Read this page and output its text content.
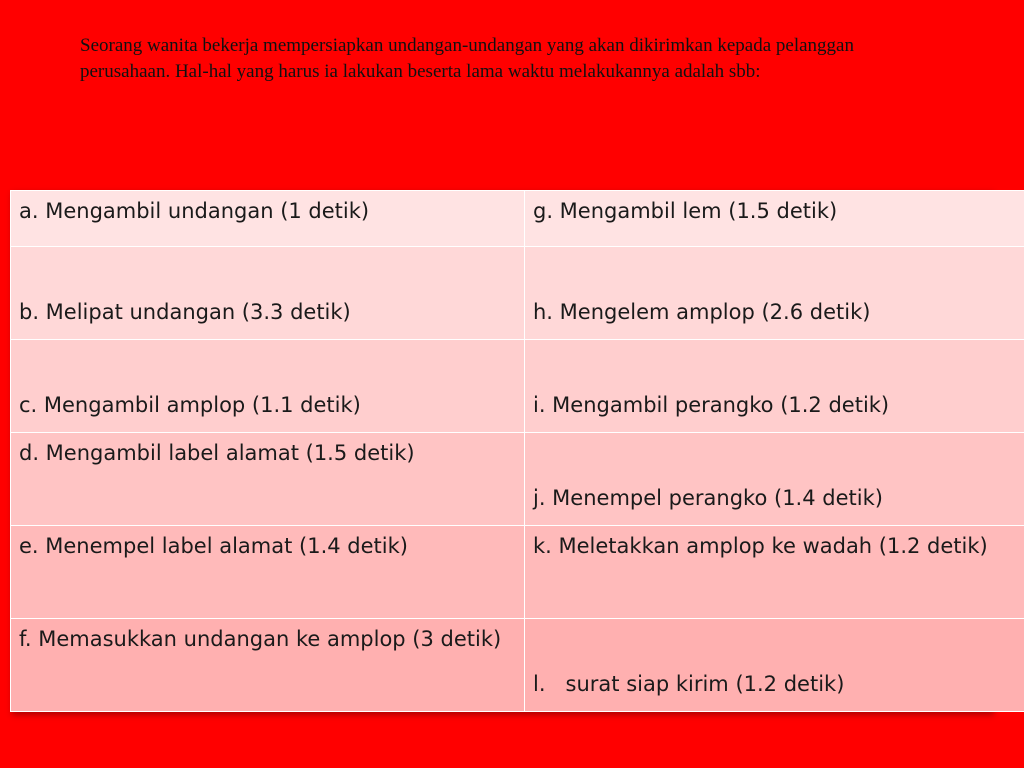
Seorang wanita bekerja mempersiapkan undangan-undangan yang akan dikirimkan kepada pelanggan perusahaan. Hal-hal yang harus ia lakukan beserta lama waktu melakukannya adalah sbb:

a. Mengambil undangan (1 detik)	g. Mengambil lem (1.5 detik)

b. Melipat undangan (3.3 detik)	h. Mengelem amplop (2.6 detik)

c. Mengambil amplop (1.1 detik)	i. Mengambil perangko (1.2 detik)

d. Mengambil label alamat (1.5 detik)	j. Menempel perangko (1.4 detik)

e. Menempel label alamat (1.4 detik)	k. Meletakkan amplop ke wadah (1.2 detik)

f. Memasukkan undangan ke amplop (3 detik)	l.   surat siap kirim (1.2 detik)
